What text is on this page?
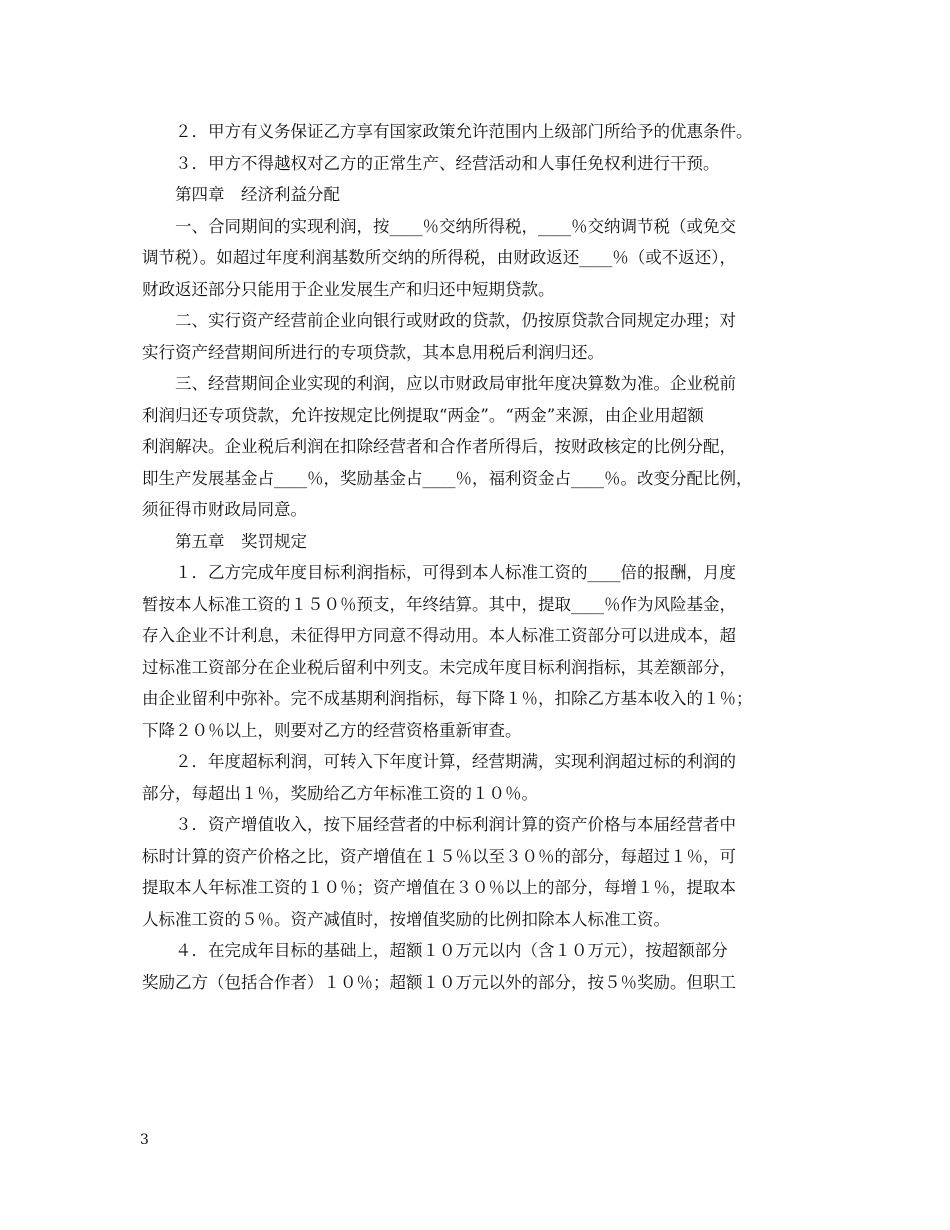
２．甲方有义务保证乙方享有国家政策允许范围内上级部门所给予的优惠条件。
３．甲方不得越权对乙方的正常生产、经营活动和人事任免权利进行干预。
第四章　经济利益分配
一、合同期间的实现利润，按____％交纳所得税，____％交纳调节税（或免交
调节税）。如超过年度利润基数所交纳的所得税，由财政返还____％（或不返还），
财政返还部分只能用于企业发展生产和归还中短期贷款。
二、实行资产经营前企业向银行或财政的贷款，仍按原贷款合同规定办理；对
实行资产经营期间所进行的专项贷款，其本息用税后利润归还。
三、经营期间企业实现的利润，应以市财政局审批年度决算数为准。企业税前
利润归还专项贷款，允许按规定比例提取“两金”。“两金”来源，由企业用超额
利润解决。企业税后利润在扣除经营者和合作者所得后，按财政核定的比例分配，
即生产发展基金占____％，奖励基金占____％，福利资金占____％。改变分配比例，
须征得市财政局同意。
第五章　奖罚规定
１．乙方完成年度目标利润指标，可得到本人标准工资的____倍的报酬，月度
暂按本人标准工资的１５０％预支，年终结算。其中，提取____％作为风险基金，
存入企业不计利息，未征得甲方同意不得动用。本人标准工资部分可以进成本，超
过标准工资部分在企业税后留利中列支。未完成年度目标利润指标，其差额部分，
由企业留利中弥补。完不成基期利润指标，每下降１％，扣除乙方基本收入的１％；
下降２０％以上，则要对乙方的经营资格重新审查。
２．年度超标利润，可转入下年度计算，经营期满，实现利润超过标的利润的
部分，每超出１％，奖励给乙方年标准工资的１０％。
３．资产增值收入，按下届经营者的中标利润计算的资产价格与本届经营者中
标时计算的资产价格之比，资产增值在１５％以至３０％的部分，每超过１％，可
提取本人年标准工资的１０％；资产增值在３０％以上的部分，每增１％，提取本
人标准工资的５％。资产减值时，按增值奖励的比例扣除本人标准工资。
４．在完成年目标的基础上，超额１０万元以内（含１０万元），按超额部分
奖励乙方（包括合作者）１０％；超额１０万元以外的部分，按５％奖励。但职工
3
